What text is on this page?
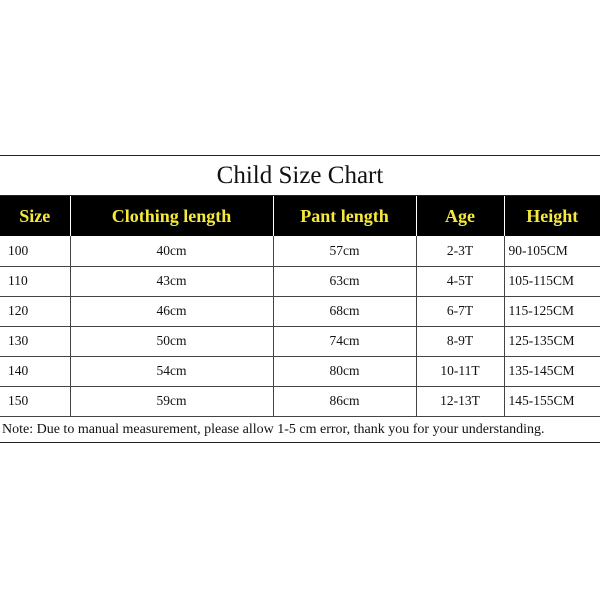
Child Size Chart
Size	Clothing length	Pant length	Age	Height
100	40cm	57cm	2-3T	90-105CM
110	43cm	63cm	4-5T	105-115CM
120	46cm	68cm	6-7T	115-125CM
130	50cm	74cm	8-9T	125-135CM
140	54cm	80cm	10-11T	135-145CM
150	59cm	86cm	12-13T	145-155CM
Note: Due to manual measurement, please allow 1-5 cm error, thank you for your understanding.
